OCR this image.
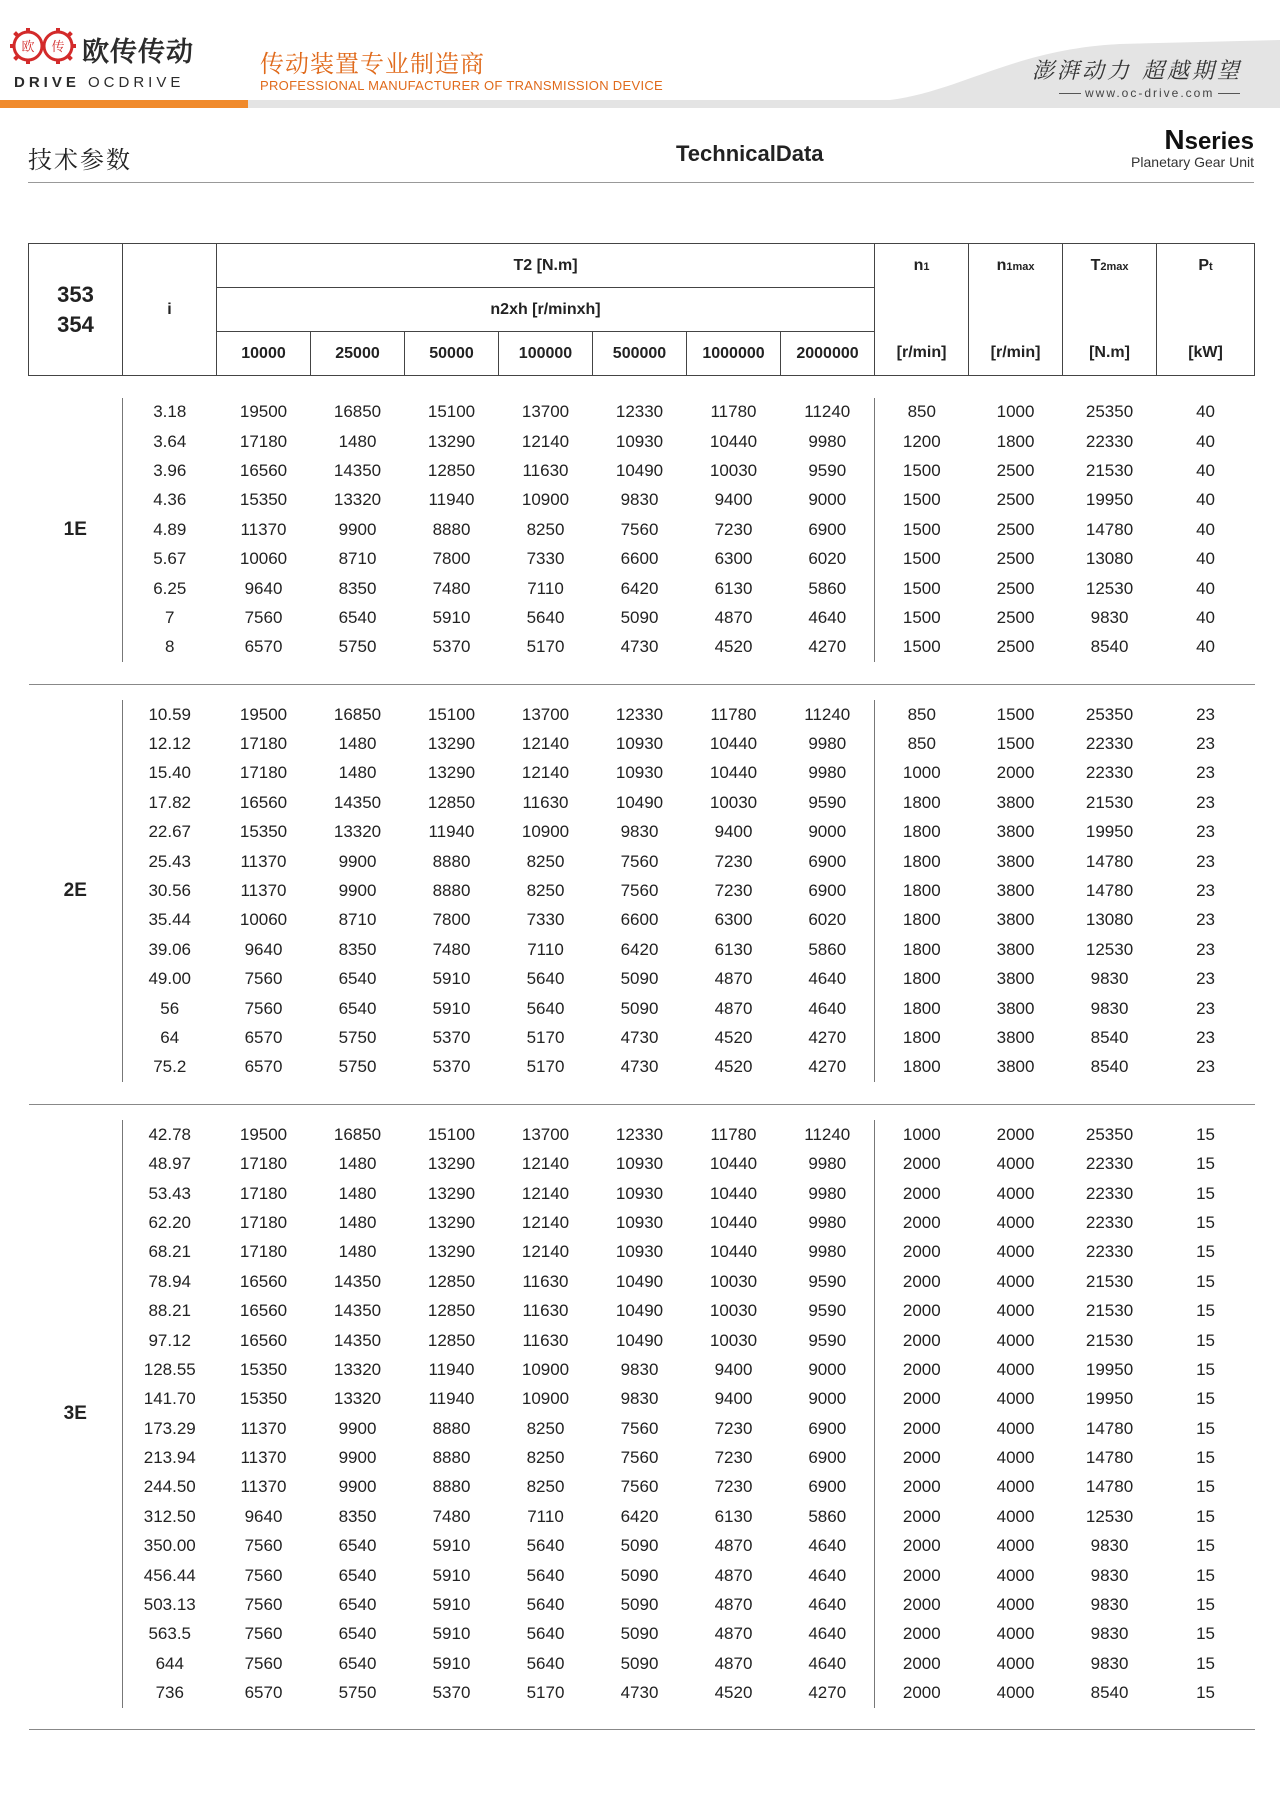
欧 传 欧传传动
DRIVE OCDRIVE
传动装置专业制造商
PROFESSIONAL MANUFACTURER OF TRANSMISSION DEVICE
澎湃动力 超越期望
www.oc-drive.com
技术参数	TechnicalData	Nseries
Planetary Gear Unit
353
354	i	T2 [N.m]							n1	n1max	T2max	Pt
		n2xh [r/minxh]										
		10000	25000	50000	100000	500000	1000000	2000000	[r/min]	[r/min]	[N.m]	[kW]

1E	3.18	19500	16850	15100	13700	12330	11780	11240	850	1000	25350	40
	3.64	17180	1480	13290	12140	10930	10440	9980	1200	1800	22330	40
	3.96	16560	14350	12850	11630	10490	10030	9590	1500	2500	21530	40
	4.36	15350	13320	11940	10900	9830	9400	9000	1500	2500	19950	40
	4.89	11370	9900	8880	8250	7560	7230	6900	1500	2500	14780	40
	5.67	10060	8710	7800	7330	6600	6300	6020	1500	2500	13080	40
	6.25	9640	8350	7480	7110	6420	6130	5860	1500	2500	12530	40
	7	7560	6540	5910	5640	5090	4870	4640	1500	2500	9830	40
	8	6570	5750	5370	5170	4730	4520	4270	1500	2500	8540	40

2E	10.59	19500	16850	15100	13700	12330	11780	11240	850	1500	25350	23
	12.12	17180	1480	13290	12140	10930	10440	9980	850	1500	22330	23
	15.40	17180	1480	13290	12140	10930	10440	9980	1000	2000	22330	23
	17.82	16560	14350	12850	11630	10490	10030	9590	1800	3800	21530	23
	22.67	15350	13320	11940	10900	9830	9400	9000	1800	3800	19950	23
	25.43	11370	9900	8880	8250	7560	7230	6900	1800	3800	14780	23
	30.56	11370	9900	8880	8250	7560	7230	6900	1800	3800	14780	23
	35.44	10060	8710	7800	7330	6600	6300	6020	1800	3800	13080	23
	39.06	9640	8350	7480	7110	6420	6130	5860	1800	3800	12530	23
	49.00	7560	6540	5910	5640	5090	4870	4640	1800	3800	9830	23
	56	7560	6540	5910	5640	5090	4870	4640	1800	3800	9830	23
	64	6570	5750	5370	5170	4730	4520	4270	1800	3800	8540	23
	75.2	6570	5750	5370	5170	4730	4520	4270	1800	3800	8540	23

3E	42.78	19500	16850	15100	13700	12330	11780	11240	1000	2000	25350	15
	48.97	17180	1480	13290	12140	10930	10440	9980	2000	4000	22330	15
	53.43	17180	1480	13290	12140	10930	10440	9980	2000	4000	22330	15
	62.20	17180	1480	13290	12140	10930	10440	9980	2000	4000	22330	15
	68.21	17180	1480	13290	12140	10930	10440	9980	2000	4000	22330	15
	78.94	16560	14350	12850	11630	10490	10030	9590	2000	4000	21530	15
	88.21	16560	14350	12850	11630	10490	10030	9590	2000	4000	21530	15
	97.12	16560	14350	12850	11630	10490	10030	9590	2000	4000	21530	15
	128.55	15350	13320	11940	10900	9830	9400	9000	2000	4000	19950	15
	141.70	15350	13320	11940	10900	9830	9400	9000	2000	4000	19950	15
	173.29	11370	9900	8880	8250	7560	7230	6900	2000	4000	14780	15
	213.94	11370	9900	8880	8250	7560	7230	6900	2000	4000	14780	15
	244.50	11370	9900	8880	8250	7560	7230	6900	2000	4000	14780	15
	312.50	9640	8350	7480	7110	6420	6130	5860	2000	4000	12530	15
	350.00	7560	6540	5910	5640	5090	4870	4640	2000	4000	9830	15
	456.44	7560	6540	5910	5640	5090	4870	4640	2000	4000	9830	15
	503.13	7560	6540	5910	5640	5090	4870	4640	2000	4000	9830	15
	563.5	7560	6540	5910	5640	5090	4870	4640	2000	4000	9830	15
	644	7560	6540	5910	5640	5090	4870	4640	2000	4000	9830	15
	736	6570	5750	5370	5170	4730	4520	4270	2000	4000	8540	15
